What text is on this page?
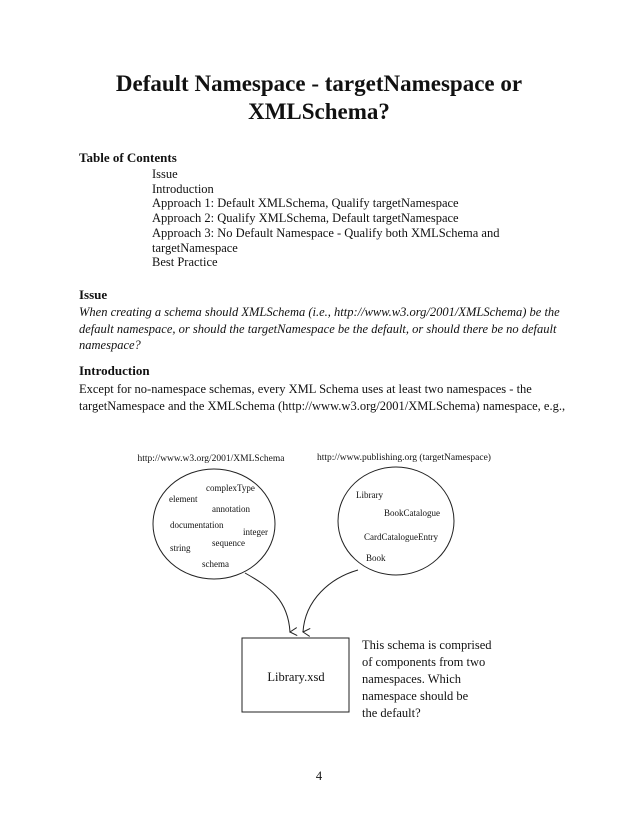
Default Namespace - targetNamespace or
XMLSchema?
Table of Contents
Issue
Introduction
Approach 1: Default XMLSchema, Qualify targetNamespace
Approach 2: Qualify XMLSchema, Default targetNamespace
Approach 3: No Default Namespace - Qualify both XMLSchema and targetNamespace
Best Practice
Issue
When creating a schema should XMLSchema (i.e., http://www.w3.org/2001/XMLSchema) be the default namespace, or should the targetNamespace be the default, or should there be no default namespace?
Introduction
Except for no-namespace schemas, every XML Schema uses at least two namespaces - the targetNamespace and the XMLSchema (http://www.w3.org/2001/XMLSchema) namespace, e.g.,
http://www.w3.org/2001/XMLSchema	http://www.publishing.org (targetNamespace)
complexType
element
annotation
documentation
integer
sequence
string
schema
Library
BookCatalogue
CardCatalogueEntry
Book
Library.xsd
This schema is comprised
of components from two
namespaces. Which
namespace should be
the default?
4
